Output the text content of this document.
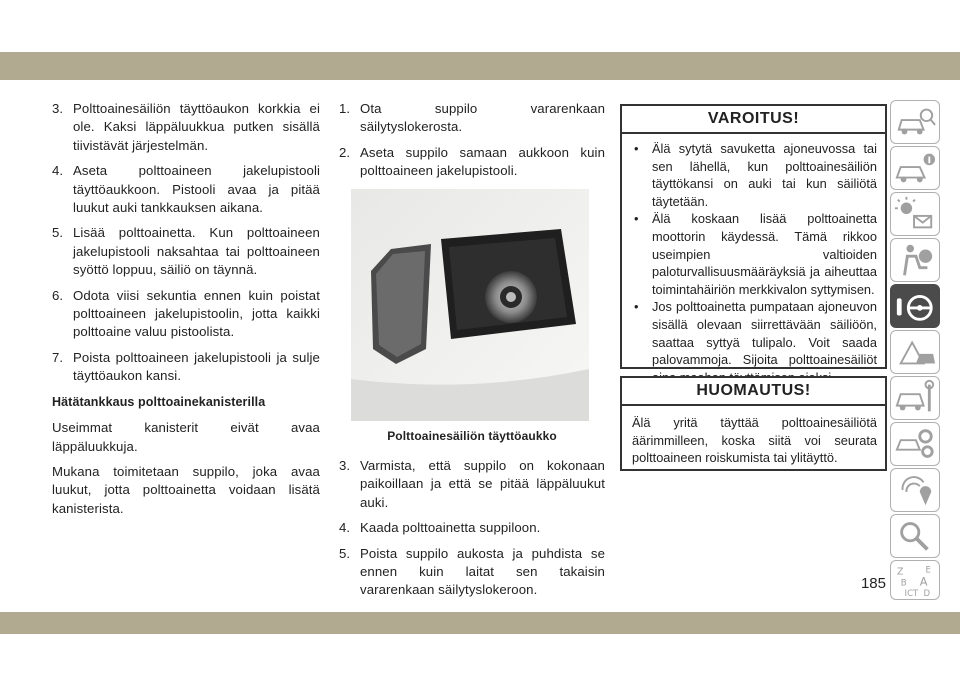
3. Polttoainesäiliön täyttöaukon korkkia ei ole. Kaksi läppäluukkua putken sisällä tiivistävät järjestelmän.
4. Aseta polttoaineen jakelupistooli täyttöaukkoon. Pistooli avaa ja pitää luukut auki tankkauksen aikana.
5. Lisää polttoainetta. Kun polttoaineen jakelupistooli naksahtaa tai polttoaineen syöttö loppuu, säiliö on täynnä.
6. Odota viisi sekuntia ennen kuin poistat polttoaineen jakelupistoolin, jotta kaikki polttoaine valuu pistoolista.
7. Poista polttoaineen jakelupistooli ja sulje täyttöaukon kansi.
Hätätankkaus polttoainekanisterilla
Useimmat kanisterit eivät avaa läppäluukkuja.
Mukana toimitetaan suppilo, joka avaa luukut, jotta polttoainetta voidaan lisätä kanisterista.
1. Ota suppilo vararenkaan säilytyslokerosta.
2. Aseta suppilo samaan aukkoon kuin polttoaineen jakelupistooli.
Polttoainesäiliön täyttöaukko
3. Varmista, että suppilo on kokonaan paikoillaan ja että se pitää läppäluukut auki.
4. Kaada polttoainetta suppiloon.
5. Poista suppilo aukosta ja puhdista se ennen kuin laitat sen takaisin vararenkaan säilytyslokeroon.
VAROITUS!
• Älä sytytä savuketta ajoneuvossa tai sen lähellä, kun polttoainesäiliön täyttökansi on auki tai kun säiliötä täytetään.
• Älä koskaan lisää polttoainetta moottorin käydessä. Tämä rikkoo useimpien valtioiden paloturvallisuusmääräyksiä ja aiheuttaa toimintahäiriön merkkivalon syttymisen.
• Jos polttoainetta pumpataan ajoneuvon sisällä olevaan siirrettävään säiliöön, saattaa syttyä tulipalo. Voit saada palovammoja. Sijoita polttoainesäiliöt
HUOMAUTUS!
Älä yritä täyttää polttoainesäiliötä äärimmilleen, koska siitä voi seurata polttoaineen roiskumista tai ylitäyttö.
Z E
B A
ICT D
185
